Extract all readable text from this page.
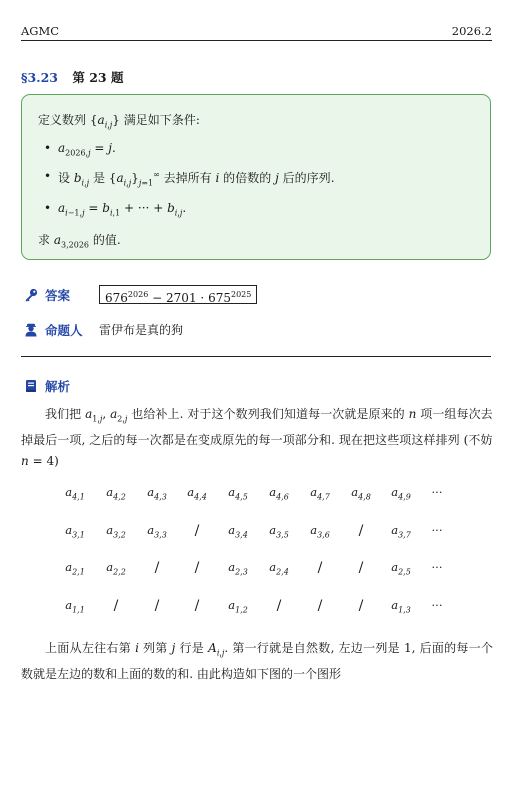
AGMC	2026.2
§3.23 第 23 题
定义数列 $\{a_{i,j}\}$ 满足如下条件:
• $a_{2026,j} = j$.
• 设 $b_{i,j}$ 是 $\{a_{i,j}\}_{j=1}^\infty$ 去掉所有 i 的倍数的 j 后的序列.
• $a_{i-1,j} = b_{i,1}$ + ··· + $b_{i,j}$.
求 $a_{3,2026}$ 的值.
答案	$676^{2026} - 2701 \cdot 675^{2025}$
命题人 雷伊布是真的狗
解析
我们把 $a_{1,j}$, $a_{2,j}$ 也给补上. 对于这个数列我们知道每一次就是原来的 n 项一组每次去掉最后一项, 之后的每一次都是在变成原先的每一项部分和. 现在把这些项这样排列 (不妨 n = 4)
$a_{4,1}$	$a_{4,2}$	$a_{4,3}$	$a_{4,4}$	$a_{4,5}$	$a_{4,6}$	$a_{4,7}$	$a_{4,8}$	$a_{4,9}$	···
$a_{3,1}$	$a_{3,2}$	$a_{3,3}$	/	$a_{3,4}$	$a_{3,5}$	$a_{3,6}$	/	$a_{3,7}$	···
$a_{2,1}$	$a_{2,2}$	/	/	$a_{2,3}$	$a_{2,4}$	/	/	$a_{2,5}$	···
$a_{1,1}$	/	/	/	$a_{1,2}$	/	/	/	$a_{1,3}$	···
上面从左往右第 i 列第 j 行是 $A_{i,j}$. 第一行就是自然数, 左边一列是 1, 后面的每一个数就是左边的数和上面的数的和. 由此构造如下图的一个图形
